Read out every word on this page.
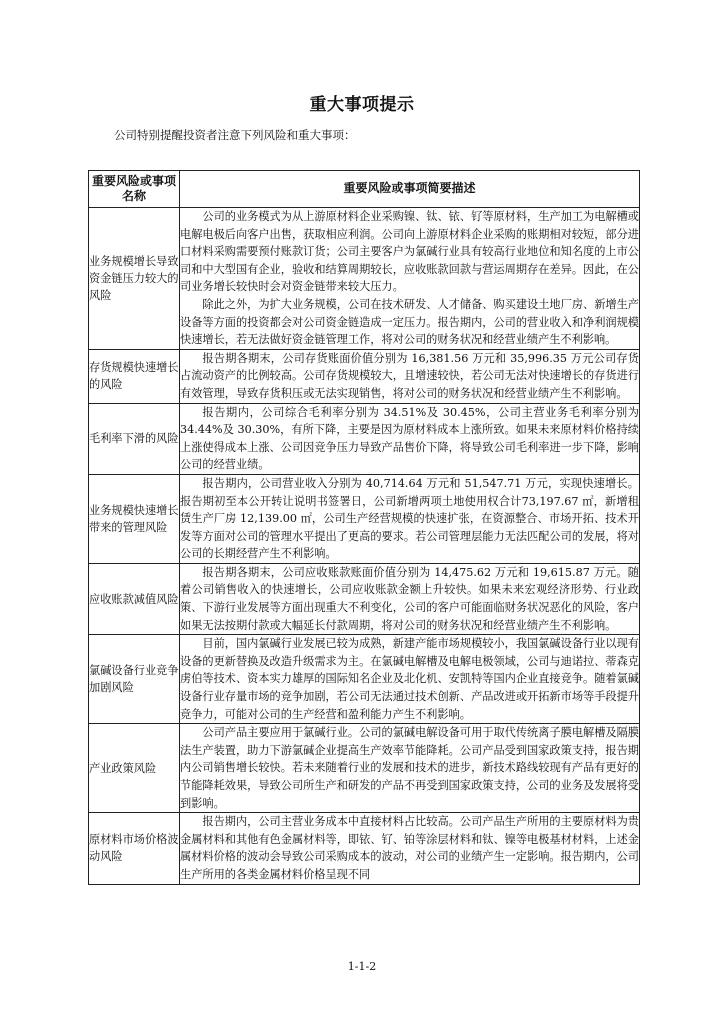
重大事项提示
公司特别提醒投资者注意下列风险和重大事项：
重要风险或事项名称	重要风险或事项简要描述
业务规模增长导致资金链压力较大的风险	公司的业务模式为从上游原材料企业采购镍、钛、铱、钌等原材料，生产加工为电解槽或电解电极后向客户出售，获取相应利润。公司向上游原材料企业采购的账期相对较短，部分进口材料采购需要预付账款订货；公司主要客户为氯碱行业具有较高行业地位和知名度的上市公司和中大型国有企业，验收和结算周期较长，应收账款回款与营运周期存在差异。因此，在公司业务增长较快时会对资金链带来较大压力。

除此之外，为扩大业务规模，公司在技术研发、人才储备、购买建设土地厂房、新增生产设备等方面的投资都会对公司资金链造成一定压力。报告期内，公司的营业收入和净利润规模快速增长，若无法做好资金链管理工作，将对公司的财务状况和经营业绩产生不利影响。

存货规模快速增长的风险	报告期各期末，公司存货账面价值分别为 16,381.56 万元和 35,996.35 万元公司存货占流动资产的比例较高。公司存货规模较大，且增速较快，若公司无法对快速增长的存货进行有效管理，导致存货积压或无法实现销售，将对公司的财务状况和经营业绩产生不利影响。

毛利率下滑的风险	报告期内，公司综合毛利率分别为 34.51%及 30.45%，公司主营业务毛利率分别为 34.44%及 30.30%，有所下降，主要是因为原材料成本上涨所致。如果未来原材料价格持续上涨使得成本上涨、公司因竞争压力导致产品售价下降，将导致公司毛利率进一步下降，影响公司的经营业绩。

业务规模快速增长带来的管理风险	报告期内，公司营业收入分别为 40,714.64 万元和 51,547.71 万元，实现快速增长。报告期初至本公开转让说明书签署日，公司新增两项土地使用权合计73,197.67 ㎡，新增租赁生产厂房 12,139.00 ㎡，公司生产经营规模的快速扩张，在资源整合、市场开拓、技术开发等方面对公司的管理水平提出了更高的要求。若公司管理层能力无法匹配公司的发展，将对公司的长期经营产生不利影响。

应收账款减值风险	报告期各期末，公司应收账款账面价值分别为 14,475.62 万元和 19,615.87 万元。随着公司销售收入的快速增长，公司应收账款金额上升较快。如果未来宏观经济形势、行业政策、下游行业发展等方面出现重大不利变化，公司的客户可能面临财务状况恶化的风险，客户如果无法按期付款或大幅延长付款周期，将对公司的财务状况和经营业绩产生不利影响。

氯碱设备行业竞争加剧风险	目前，国内氯碱行业发展已较为成熟，新建产能市场规模较小，我国氯碱设备行业以现有设备的更新替换及改造升级需求为主。在氯碱电解槽及电解电极领域，公司与迪诺拉、蒂森克虏伯等技术、资本实力雄厚的国际知名企业及北化机、安凯特等国内企业直接竞争。随着氯碱设备行业存量市场的竞争加剧，若公司无法通过技术创新、产品改进或开拓新市场等手段提升竞争力，可能对公司的生产经营和盈利能力产生不利影响。

产业政策风险	公司产品主要应用于氯碱行业。公司的氯碱电解设备可用于取代传统离子膜电解槽及隔膜法生产装置，助力下游氯碱企业提高生产效率节能降耗。公司产品受到国家政策支持，报告期内公司销售增长较快。若未来随着行业的发展和技术的进步，新技术路线较现有产品有更好的节能降耗效果，导致公司所生产和研发的产品不再受到国家政策支持，公司的业务及发展将受到影响。

原材料市场价格波动风险	报告期内，公司主营业务成本中直接材料占比较高。公司产品生产所用的主要原材料为贵金属材料和其他有色金属材料等，即铱、钌、铂等涂层材料和钛、镍等电极基材材料，上述金属材料价格的波动会导致公司采购成本的波动，对公司的业绩产生一定影响。报告期内，公司生产所用的各类金属材料价格呈现不同

1-1-2
